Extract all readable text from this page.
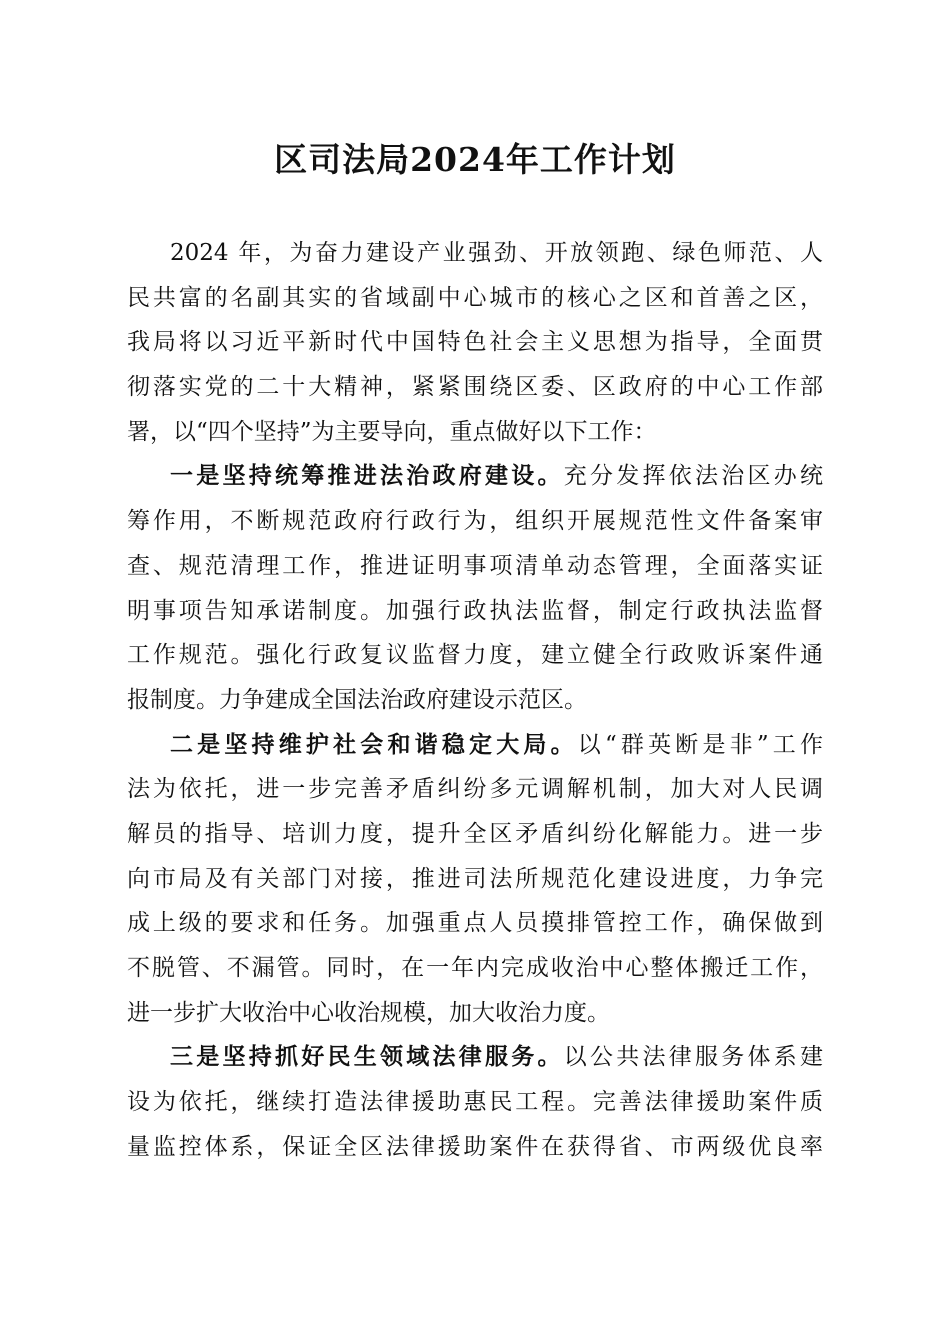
区司法局2024年工作计划
2024 年，为奋力建设产业强劲、开放领跑、绿色师范、人
民共富的名副其实的省域副中心城市的核心之区和首善之区，
我局将以习近平新时代中国特色社会主义思想为指导，全面贯
彻落实党的二十大精神，紧紧围绕区委、区政府的中心工作部
署，以“四个坚持”为主要导向，重点做好以下工作：
一是坚持统筹推进法治政府建设。充分发挥依法治区办统
筹作用，不断规范政府行政行为，组织开展规范性文件备案审
查、规范清理工作，推进证明事项清单动态管理，全面落实证
明事项告知承诺制度。加强行政执法监督，制定行政执法监督
工作规范。强化行政复议监督力度，建立健全行政败诉案件通
报制度。力争建成全国法治政府建设示范区。
二是坚持维护社会和谐稳定大局。以“群英断是非”工作
法为依托，进一步完善矛盾纠纷多元调解机制，加大对人民调
解员的指导、培训力度，提升全区矛盾纠纷化解能力。进一步
向市局及有关部门对接，推进司法所规范化建设进度，力争完
成上级的要求和任务。加强重点人员摸排管控工作，确保做到
不脱管、不漏管。同时，在一年内完成收治中心整体搬迁工作，
进一步扩大收治中心收治规模，加大收治力度。
三是坚持抓好民生领域法律服务。以公共法律服务体系建
设为依托，继续打造法律援助惠民工程。完善法律援助案件质
量监控体系，保证全区法律援助案件在获得省、市两级优良率
